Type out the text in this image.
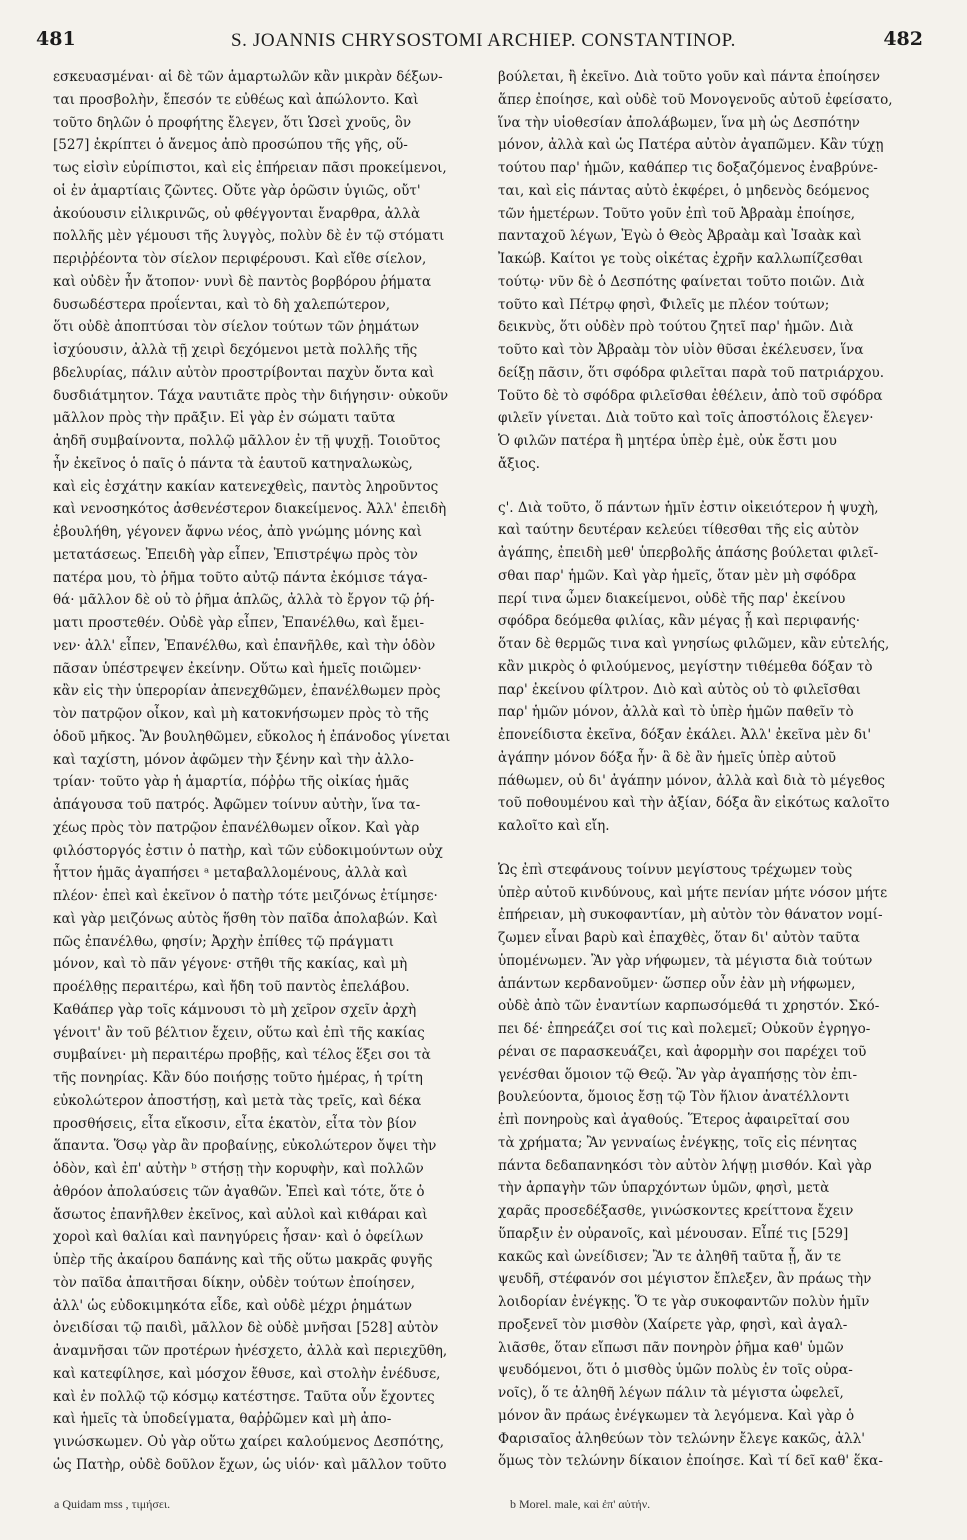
481	S. JOANNIS CHRYSOSTOMI ARCHIEP. CONSTANTINOP.	482
εσκευασμέναι· αἱ δὲ τῶν ἁμαρτωλῶν κἂν μικρὰν δέξων-
ται προσβολὴν, ἔπεσόν τε εὐθέως καὶ ἀπώλοντο. Καὶ
τοῦτο δηλῶν ὁ προφήτης ἔλεγεν, ὅτι Ὡσεὶ χνοῦς, ὃν
[527] ἐκρίπτει ὁ ἄνεμος ἀπὸ προσώπου τῆς γῆς, οὕ-
τως εἰσὶν εὐρίπιστοι, καὶ εἰς ἐπήρειαν πᾶσι προκείμενοι,
οἱ ἐν ἁμαρτίαις ζῶντες. Οὔτε γὰρ ὁρῶσιν ὑγιῶς, οὔτ'
ἀκούουσιν εἰλικρινῶς, οὐ φθέγγονται ἔναρθρα, ἀλλὰ
πολλῆς μὲν γέμουσι τῆς λυγγὸς, πολὺν δὲ ἐν τῷ στόματι
περιῤῥέοντα τὸν σίελον περιφέρουσι. Καὶ εἴθε σίελον,
καὶ οὐδὲν ἦν ἄτοπον· νυνὶ δὲ παντὸς βορβόρου ῥήματα
δυσωδέστερα προΐενται, καὶ τὸ δὴ χαλεπώτερον,
ὅτι οὐδὲ ἀποπτύσαι τὸν σίελον τούτων τῶν ῥημάτων
ἰσχύουσιν, ἀλλὰ τῇ χειρὶ δεχόμενοι μετὰ πολλῆς τῆς
βδελυρίας, πάλιν αὐτὸν προστρίβονται παχὺν ὄντα καὶ
δυσδιάτμητον. Τάχα ναυτιᾶτε πρὸς τὴν διήγησιν· οὐκοῦν
μᾶλλον πρὸς τὴν πρᾶξιν. Εἰ γὰρ ἐν σώματι ταῦτα
ἀηδῆ συμβαίνοντα, πολλῷ μᾶλλον ἐν τῇ ψυχῇ. Τοιοῦτος
ἦν ἐκεῖνος ὁ παῖς ὁ πάντα τὰ ἑαυτοῦ κατηναλωκὼς,
καὶ εἰς ἐσχάτην κακίαν κατενεχθεὶς, παντὸς ληροῦντος
καὶ νενοσηκότος ἀσθενέστερον διακείμενος. Ἀλλ' ἐπειδὴ
ἐβουλήθη, γέγονεν ἄφνω νέος, ἀπὸ γνώμης μόνης καὶ
μετατάσεως. Ἐπειδὴ γὰρ εἶπεν, Ἐπιστρέψω πρὸς τὸν
πατέρα μου, τὸ ῥῆμα τοῦτο αὐτῷ πάντα ἐκόμισε τάγα-
θά· μᾶλλον δὲ οὐ τὸ ῥῆμα ἁπλῶς, ἀλλὰ τὸ ἔργον τῷ ῥή-
ματι προστεθέν. Οὐδὲ γὰρ εἶπεν, Ἐπανέλθω, καὶ ἔμει-
νεν· ἀλλ' εἶπεν, Ἐπανέλθω, καὶ ἐπανῆλθε, καὶ τὴν ὁδὸν
πᾶσαν ὑπέστρεψεν ἐκείνην. Οὕτω καὶ ἡμεῖς ποιῶμεν·
κἂν εἰς τὴν ὑπερορίαν ἀπενεχθῶμεν, ἐπανέλθωμεν πρὸς
τὸν πατρῷον οἶκον, καὶ μὴ κατοκνήσωμεν πρὸς τὸ τῆς
ὁδοῦ μῆκος. Ἂν βουληθῶμεν, εὔκολος ἡ ἐπάνοδος γίνεται
καὶ ταχίστη, μόνον ἀφῶμεν τὴν ξένην καὶ τὴν ἀλλο-
τρίαν· τοῦτο γὰρ ἡ ἁμαρτία, πόῤῥω τῆς οἰκίας ἡμᾶς
ἀπάγουσα τοῦ πατρός. Ἀφῶμεν τοίνυν αὐτὴν, ἵνα τα-
χέως πρὸς τὸν πατρῷον ἐπανέλθωμεν οἶκον. Καὶ γὰρ
φιλόστοργός ἐστιν ὁ πατὴρ, καὶ τῶν εὐδοκιμούντων οὐχ
ἧττον ἡμᾶς ἀγαπήσει ᵃ μεταβαλλομένους, ἀλλὰ καὶ
πλέον· ἐπεὶ καὶ ἐκεῖνον ὁ πατὴρ τότε μειζόνως ἐτίμησε·
καὶ γὰρ μειζόνως αὐτὸς ἥσθη τὸν παῖδα ἀπολαβών. Καὶ
πῶς ἐπανέλθω, φησίν; Ἀρχὴν ἐπίθες τῷ πράγματι
μόνον, καὶ τὸ πᾶν γέγονε· στῆθι τῆς κακίας, καὶ μὴ
προέλθῃς περαιτέρω, καὶ ἤδη τοῦ παντὸς ἐπελάβου.
Καθάπερ γὰρ τοῖς κάμνουσι τὸ μὴ χεῖρον σχεῖν ἀρχὴ
γένοιτ' ἂν τοῦ βέλτιον ἔχειν, οὕτω καὶ ἐπὶ τῆς κακίας
συμβαίνει· μὴ περαιτέρω προβῇς, καὶ τέλος ἕξει σοι τὰ
τῆς πονηρίας. Κἂν δύο ποιήσῃς τοῦτο ἡμέρας, ἡ τρίτη
εὐκολώτερον ἀποστήσῃ, καὶ μετὰ τὰς τρεῖς, καὶ δέκα
προσθήσεις, εἶτα εἴκοσιν, εἶτα ἑκατὸν, εἶτα τὸν βίον
ἅπαντα. Ὅσῳ γὰρ ἂν προβαίνῃς, εὐκολώτερον ὄψει τὴν
ὁδὸν, καὶ ἐπ' αὐτὴν ᵇ στήσῃ τὴν κορυφὴν, καὶ πολλῶν
ἀθρόον ἀπολαύσεις τῶν ἀγαθῶν. Ἐπεὶ καὶ τότε, ὅτε ὁ
ἄσωτος ἐπανῆλθεν ἐκεῖνος, καὶ αὐλοὶ καὶ κιθάραι καὶ
χοροὶ καὶ θαλίαι καὶ πανηγύρεις ἦσαν· καὶ ὁ ὀφείλων
ὑπὲρ τῆς ἀκαίρου δαπάνης καὶ τῆς οὕτω μακρᾶς φυγῆς
τὸν παῖδα ἀπαιτῆσαι δίκην, οὐδὲν τούτων ἐποίησεν,
ἀλλ' ὡς εὐδοκιμηκότα εἶδε, καὶ οὐδὲ μέχρι ῥημάτων
ὀνειδίσαι τῷ παιδὶ, μᾶλλον δὲ οὐδὲ μνῆσαι [528] αὐτὸν
ἀναμνῆσαι τῶν προτέρων ἠνέσχετο, ἀλλὰ καὶ περιεχῦθη,
καὶ κατεφίλησε, καὶ μόσχον ἔθυσε, καὶ στολὴν ἐνέδυσε,
καὶ ἐν πολλῷ τῷ κόσμῳ κατέστησε. Ταῦτα οὖν ἔχοντες
καὶ ἡμεῖς τὰ ὑποδείγματα, θαῤῥῶμεν καὶ μὴ ἀπο-
γινώσκωμεν. Οὐ γὰρ οὕτω χαίρει καλούμενος Δεσπότης,
ὡς Πατὴρ, οὐδὲ δοῦλον ἔχων, ὡς υἱόν· καὶ μᾶλλον τοῦτο
βούλεται, ἢ ἐκεῖνο. Διὰ τοῦτο γοῦν καὶ πάντα ἐποίησεν
ἅπερ ἐποίησε, καὶ οὐδὲ τοῦ Μονογενοῦς αὐτοῦ ἐφείσατο,
ἵνα τὴν υἱοθεσίαν ἀπολάβωμεν, ἵνα μὴ ὡς Δεσπότην
μόνον, ἀλλὰ καὶ ὡς Πατέρα αὐτὸν ἀγαπῶμεν. Κἂν τύχῃ
τούτου παρ' ἡμῶν, καθάπερ τις δοξαζόμενος ἐναβρύνε-
ται, καὶ εἰς πάντας αὐτὸ ἐκφέρει, ὁ μηδενὸς δεόμενος
τῶν ἡμετέρων. Τοῦτο γοῦν ἐπὶ τοῦ Ἀβραὰμ ἐποίησε,
πανταχοῦ λέγων, Ἐγὼ ὁ Θεὸς Ἀβραὰμ καὶ Ἰσαὰκ καὶ
Ἰακώβ. Καίτοι γε τοὺς οἰκέτας ἐχρῆν καλλωπίζεσθαι
τούτῳ· νῦν δὲ ὁ Δεσπότης φαίνεται τοῦτο ποιῶν. Διὰ
τοῦτο καὶ Πέτρῳ φησὶ, Φιλεῖς με πλέον τούτων;
δεικνὺς, ὅτι οὐδὲν πρὸ τούτου ζητεῖ παρ' ἡμῶν. Διὰ
τοῦτο καὶ τὸν Ἀβραὰμ τὸν υἱὸν θῦσαι ἐκέλευσεν, ἵνα
δείξῃ πᾶσιν, ὅτι σφόδρα φιλεῖται παρὰ τοῦ πατριάρχου.
Τοῦτο δὲ τὸ σφόδρα φιλεῖσθαι ἐθέλειν, ἀπὸ τοῦ σφόδρα
φιλεῖν γίνεται. Διὰ τοῦτο καὶ τοῖς ἀποστόλοις ἔλεγεν·
Ὁ φιλῶν πατέρα ἢ μητέρα ὑπὲρ ἐμὲ, οὐκ ἔστι μου
ἄξιος.
ς'. Διὰ τοῦτο, ὅ πάντων ἡμῖν ἐστιν οἰκειότερον ἡ ψυχὴ,
καὶ ταύτην δευτέραν κελεύει τίθεσθαι τῆς εἰς αὐτὸν
ἀγάπης, ἐπειδὴ μεθ' ὑπερβολῆς ἁπάσης βούλεται φιλεῖ-
σθαι παρ' ἡμῶν. Καὶ γὰρ ἡμεῖς, ὅταν μὲν μὴ σφόδρα
περί τινα ὦμεν διακείμενοι, οὐδὲ τῆς παρ' ἐκείνου
σφόδρα δεόμεθα φιλίας, κἂν μέγας ᾖ καὶ περιφανής·
ὅταν δὲ θερμῶς τινα καὶ γνησίως φιλῶμεν, κἂν εὐτελής,
κἂν μικρὸς ὁ φιλούμενος, μεγίστην τιθέμεθα δόξαν τὸ
παρ' ἐκείνου φίλτρον. Διὸ καὶ αὐτὸς οὐ τὸ φιλεῖσθαι
παρ' ἡμῶν μόνον, ἀλλὰ καὶ τὸ ὑπὲρ ἡμῶν παθεῖν τὸ
ἐπονείδιστα ἐκεῖνα, δόξαν ἐκάλει. Ἀλλ' ἐκεῖνα μὲν δι'
ἀγάπην μόνον δόξα ἦν· ἃ δὲ ἂν ἡμεῖς ὑπὲρ αὐτοῦ
πάθωμεν, οὐ δι' ἀγάπην μόνον, ἀλλὰ καὶ διὰ τὸ μέγεθος
τοῦ ποθουμένου καὶ τὴν ἀξίαν, δόξα ἂν εἰκότως καλοῖτο
καλοῖτο καὶ εἴη.
Ὡς ἐπὶ στεφάνους τοίνυν μεγίστους τρέχωμεν τοὺς
ὑπὲρ αὐτοῦ κινδύνους, καὶ μήτε πενίαν μήτε νόσον μήτε
ἐπήρειαν, μὴ συκοφαντίαν, μὴ αὐτὸν τὸν θάνατον νομί-
ζωμεν εἶναι βαρὺ καὶ ἐπαχθὲς, ὅταν δι' αὐτὸν ταῦτα
ὑπομένωμεν. Ἂν γὰρ νήφωμεν, τὰ μέγιστα διὰ τούτων
ἁπάντων κερδανοῦμεν· ὥσπερ οὖν ἐὰν μὴ νήφωμεν,
οὐδὲ ἀπὸ τῶν ἐναντίων καρπωσόμεθά τι χρηστόν. Σκό-
πει δέ· ἐπηρεάζει σοί τις καὶ πολεμεῖ; Οὐκοῦν ἐγρηγο-
ρέναι σε παρασκευάζει, καὶ ἀφορμὴν σοι παρέχει τοῦ
γενέσθαι ὅμοιον τῷ Θεῷ. Ἂν γὰρ ἀγαπήσῃς τὸν ἐπι-
βουλεύοντα, ὅμοιος ἔσῃ τῷ Τὸν ἥλιον ἀνατέλλοντι
ἐπὶ πονηροὺς καὶ ἀγαθούς. Ἕτερος ἀφαιρεῖταί σου
τὰ χρήματα; Ἂν γενναίως ἐνέγκῃς, τοῖς εἰς πένητας
πάντα δεδαπανηκόσι τὸν αὐτὸν λήψῃ μισθόν. Καὶ γὰρ
τὴν ἁρπαγὴν τῶν ὑπαρχόντων ὑμῶν, φησὶ, μετὰ
χαρᾶς προσεδέξασθε, γινώσκοντες κρείττονα ἔχειν
ὕπαρξιν ἐν οὐρανοῖς, καὶ μένουσαν. Εἶπέ τις [529]
κακῶς καὶ ὠνείδισεν; Ἂν τε ἀληθῆ ταῦτα ᾖ, ἄν τε
ψευδῆ, στέφανόν σοι μέγιστον ἔπλεξεν, ἂν πράως τὴν
λοιδορίαν ἐνέγκῃς. Ὅ τε γὰρ συκοφαντῶν πολὺν ἡμῖν
προξενεῖ τὸν μισθὸν (Χαίρετε γὰρ, φησὶ, καὶ ἀγαλ-
λιᾶσθε, ὅταν εἴπωσι πᾶν πονηρὸν ῥῆμα καθ' ὑμῶν
ψευδόμενοι, ὅτι ὁ μισθὸς ὑμῶν πολὺς ἐν τοῖς οὐρα-
νοῖς), ὅ τε ἀληθῆ λέγων πάλιν τὰ μέγιστα ὠφελεῖ,
μόνον ἂν πράως ἐνέγκωμεν τὰ λεγόμενα. Καὶ γὰρ ὁ
Φαρισαῖος ἀληθεύων τὸν τελώνην ἔλεγε κακῶς, ἀλλ'
ὅμως τὸν τελώνην δίκαιον ἐποίησε. Καὶ τί δεῖ καθ' ἕκα-
a Quidam mss , τιμήσει.	b Morel. male, καὶ ἐπ' αὐτήν.
